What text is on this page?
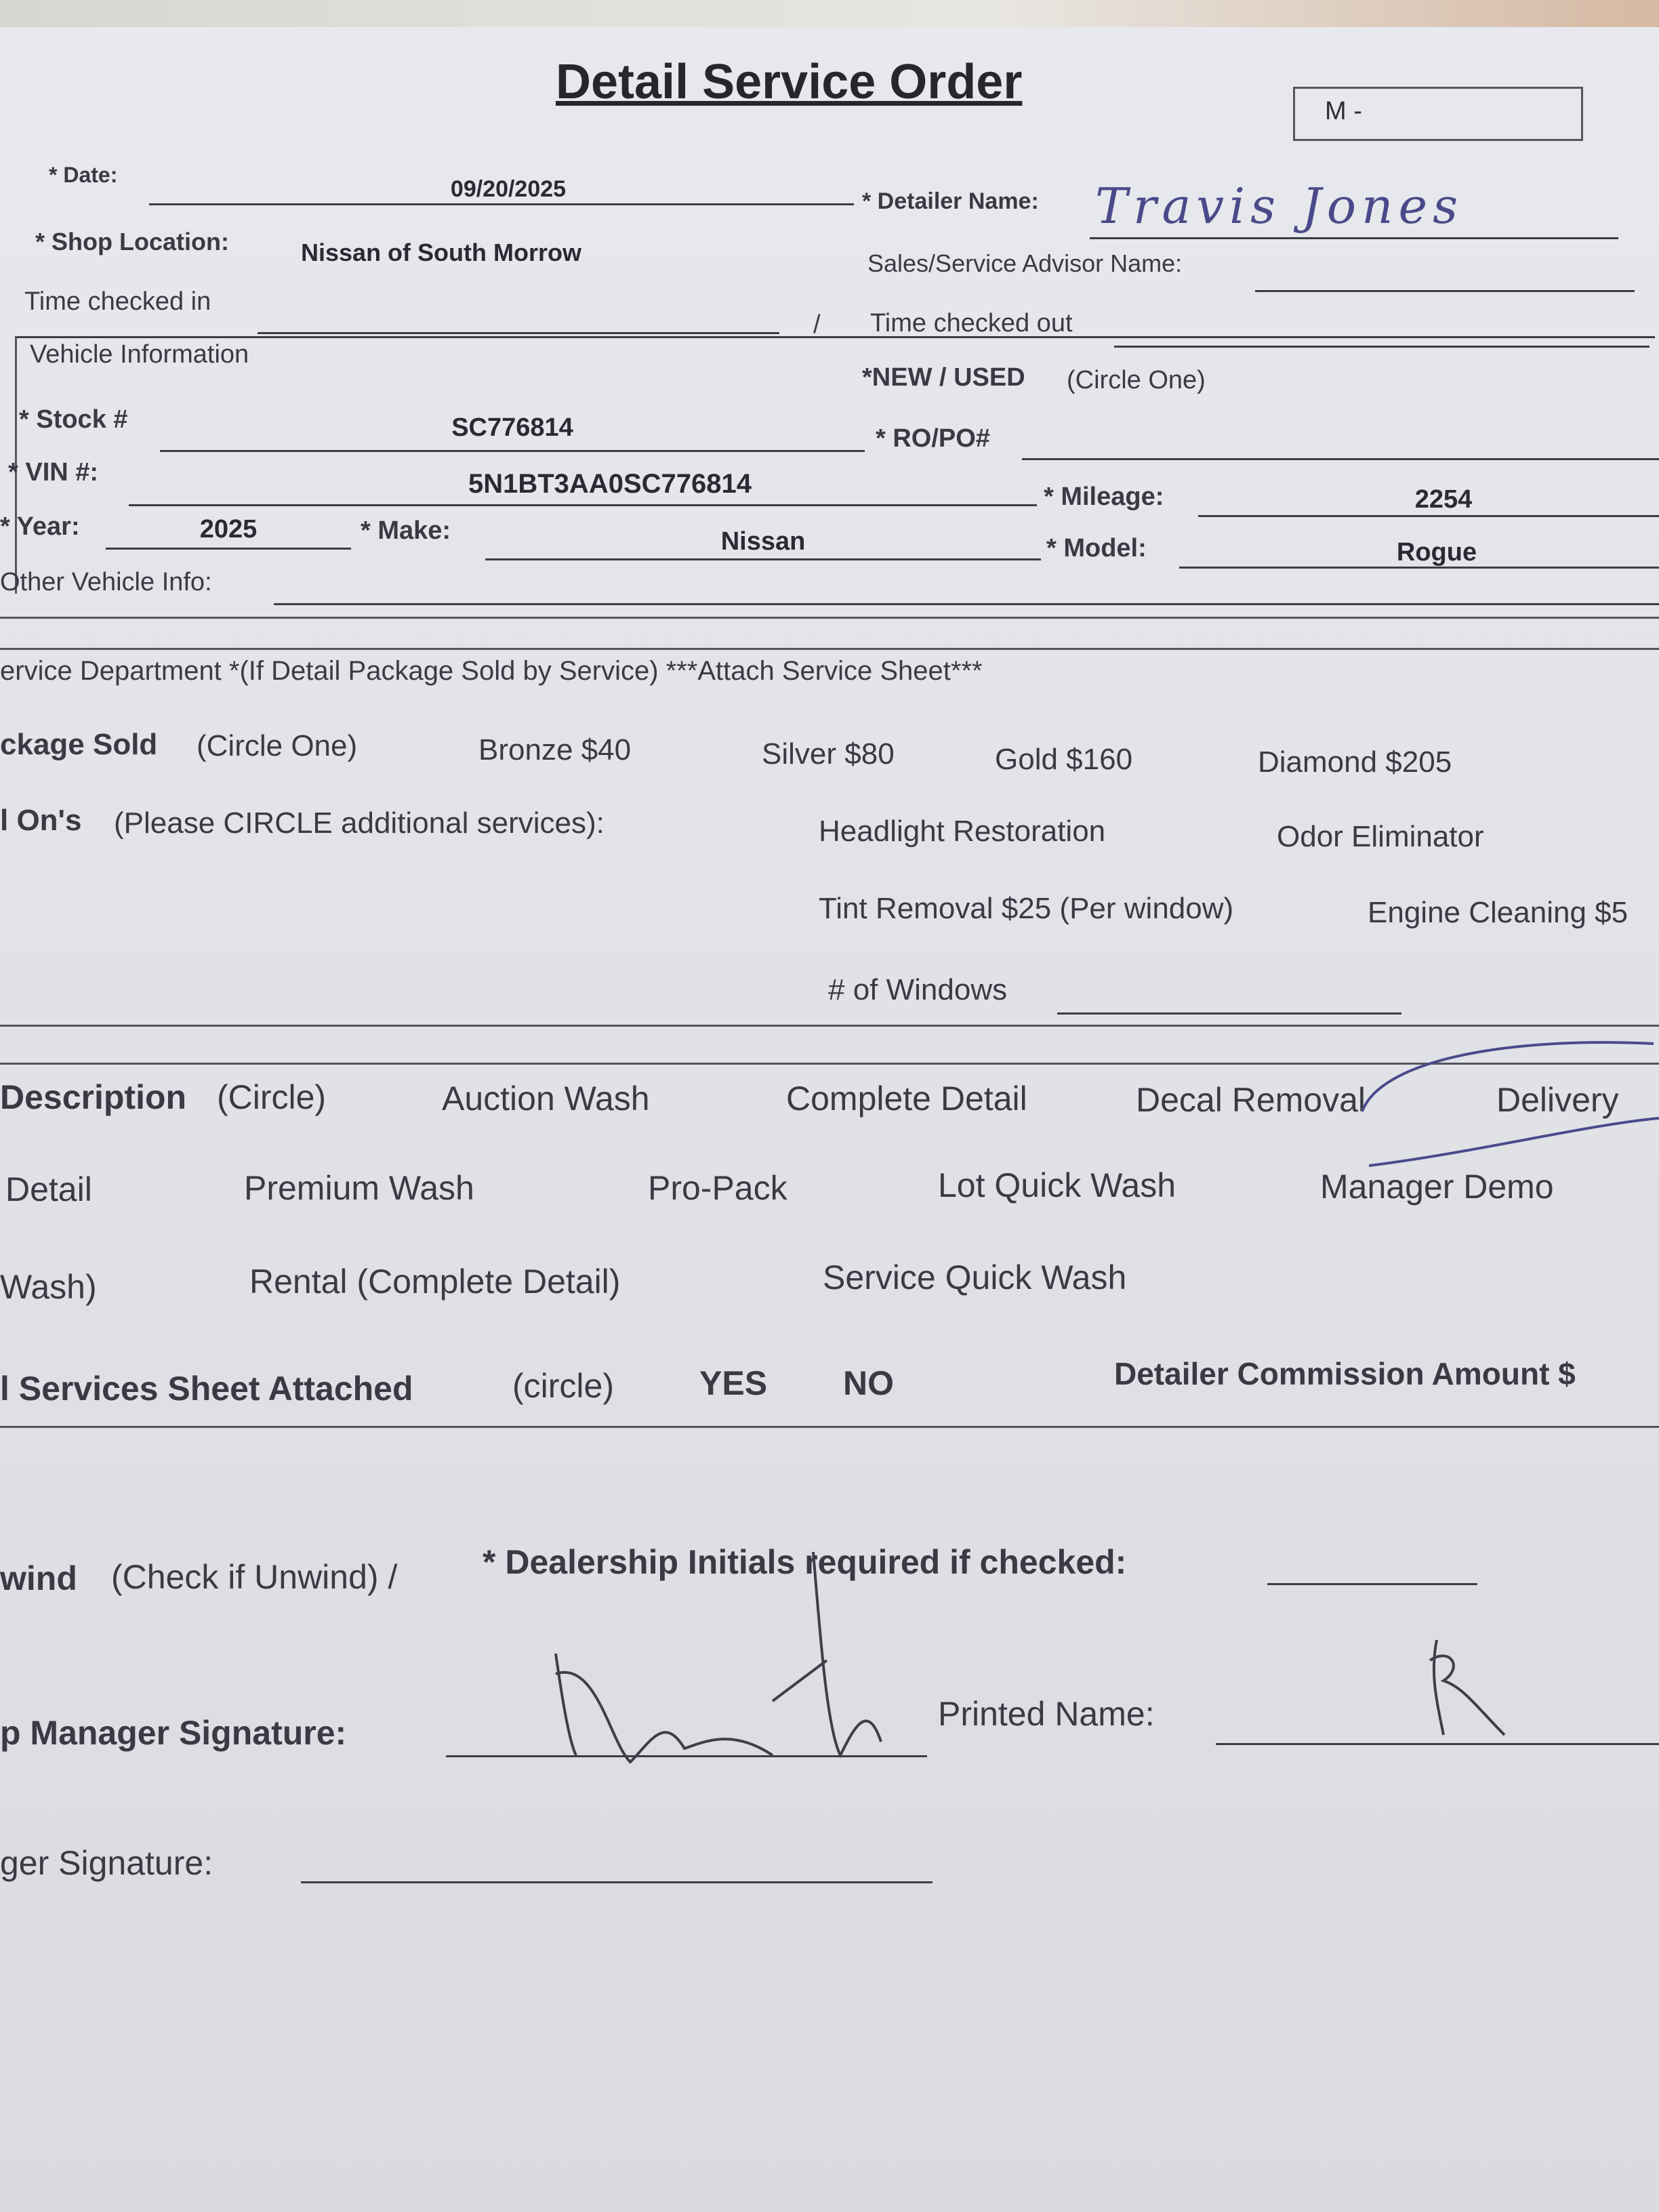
Detail Service Order
M -
* Date:
09/20/2025	* Detailer Name: Travis Jones
* Shop Location:	Nissan of South Morrow	Sales/Service Advisor Name:
Time checked in
/ Time checked out
Vehicle Information
*NEW / USED (Circle One)
* Stock #	SC776814	* RO/PO#
* VIN #:	5N1BT3AA0SC776814	* Mileage:	2254
* Year:	2025	* Make:	Nissan	* Model:	Rogue
Other Vehicle Info:
ervice Department *(If Detail Package Sold by Service) ***Attach Service Sheet***
ckage Sold (Circle One)	Bronze $40	Silver $80	Gold $160	Diamond $205
l On's (Please CIRCLE additional services):	Headlight Restoration	Odor Eliminator
Tint Removal $25 (Per window)	Engine Cleaning $5
# of Windows
Description (Circle)	Auction Wash	Complete Detail	Decal Removal	Delivery
Detail	Premium Wash	Pro-Pack	Lot Quick Wash	Manager Demo
Wash)	Rental (Complete Detail)	Service Quick Wash
l Services Sheet Attached	(circle)	YES NO	Detailer Commission Amount $
wind (Check if Unwind) /	* Dealership Initials required if checked:
p Manager Signature:	Printed Name:
ger Signature:
